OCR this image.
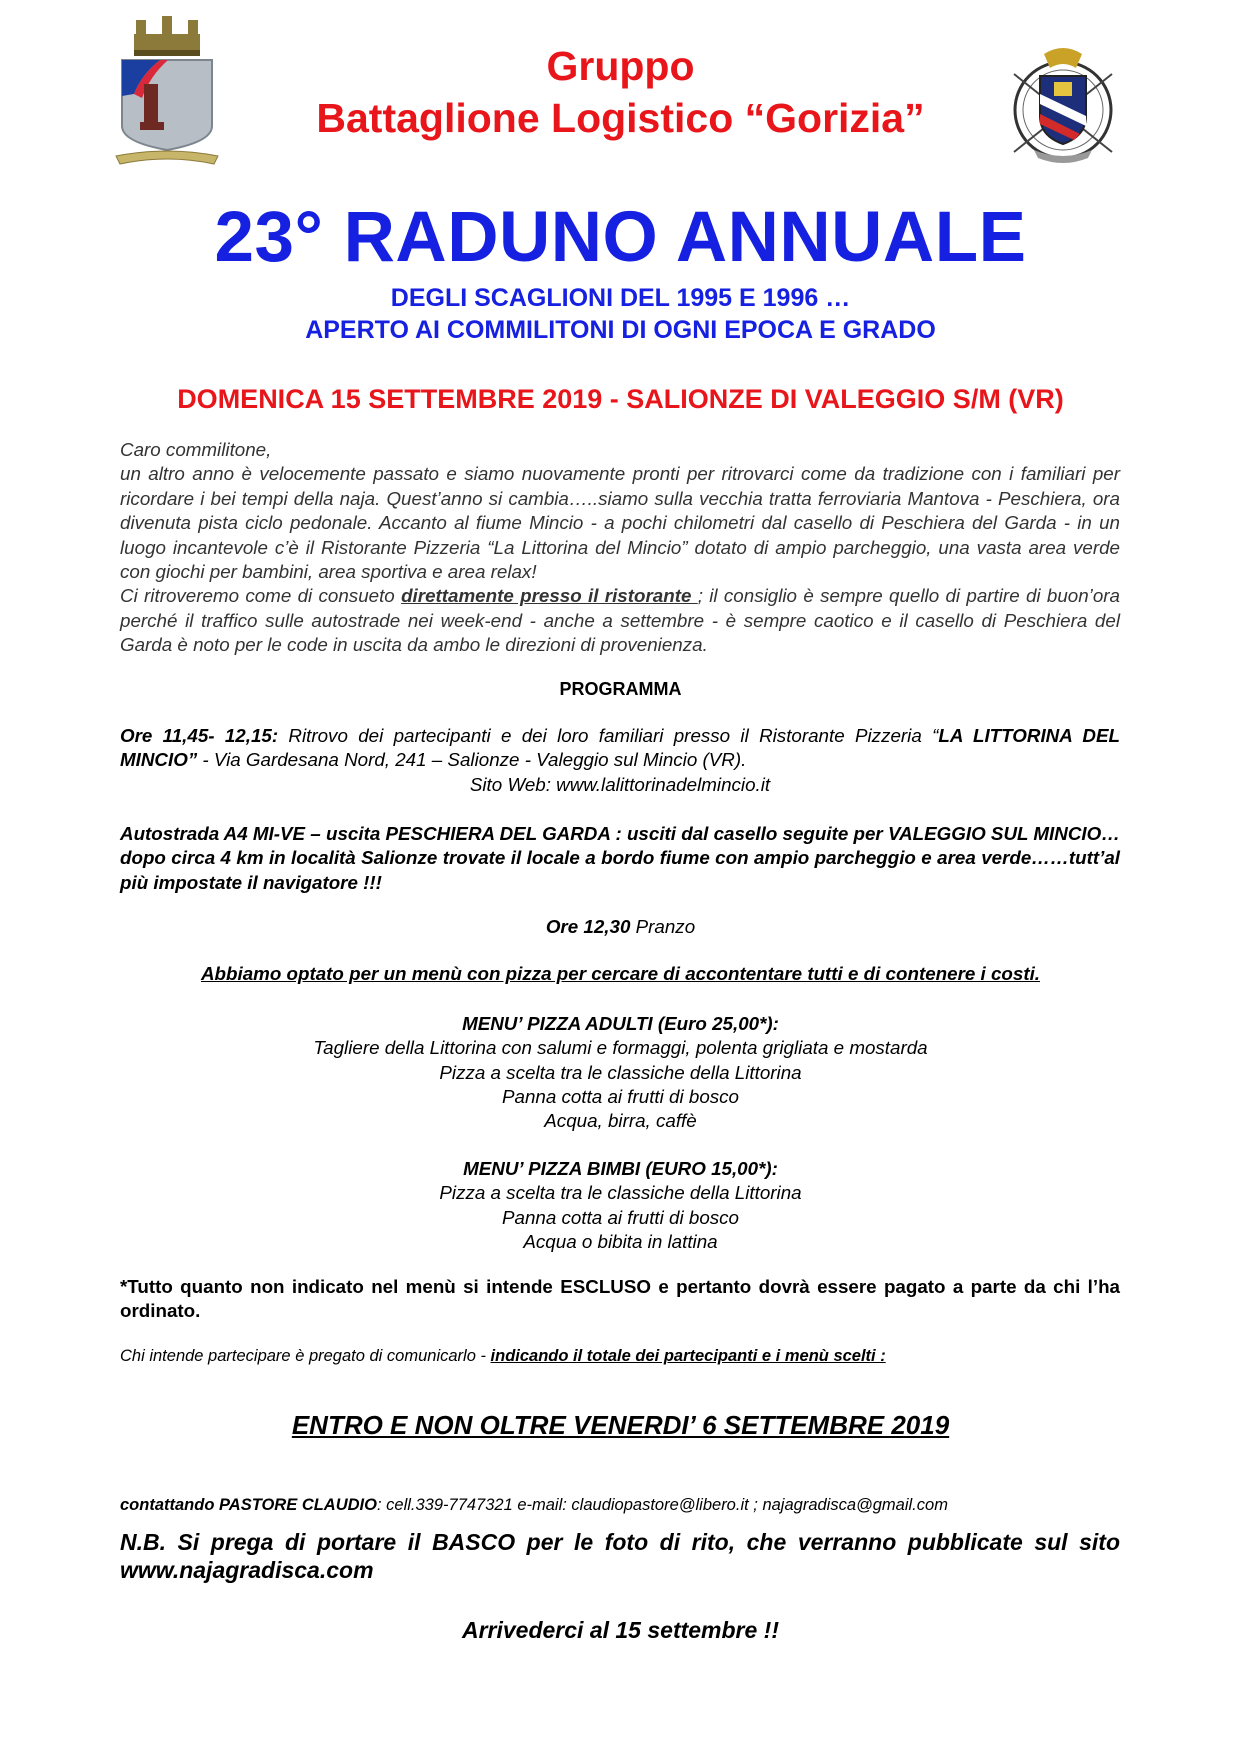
Gruppo
Battaglione Logistico “Gorizia”
23° RADUNO ANNUALE
DEGLI SCAGLIONI DEL 1995 E 1996 …
APERTO AI COMMILITONI DI OGNI EPOCA E GRADO
DOMENICA 15 SETTEMBRE 2019 - SALIONZE DI VALEGGIO S/M (VR)

Caro commilitone,

un altro anno è velocemente passato e siamo nuovamente pronti per ritrovarci come da tradizione con i familiari per ricordare i bei tempi della naja. Quest’anno si cambia…..siamo sulla vecchia tratta ferroviaria Mantova - Peschiera, ora divenuta pista ciclo pedonale. Accanto al fiume Mincio - a pochi chilometri dal casello di Peschiera del Garda - in un luogo incantevole c’è il Ristorante Pizzeria “La Littorina del Mincio” dotato di ampio parcheggio, una vasta area verde con giochi per bambini, area sportiva e area relax!

Ci ritroveremo come di consueto direttamente presso il ristorante ; il consiglio è sempre quello di partire di buon’ora perché il traffico sulle autostrade nei week-end - anche a settembre - è sempre caotico e il casello di Peschiera del Garda è noto per le code in uscita da ambo le direzioni di provenienza.

PROGRAMMA
Ore 11,45- 12,15: Ritrovo dei partecipanti e dei loro familiari presso il Ristorante Pizzeria “LA LITTORINA DEL MINCIO” - Via Gardesana Nord, 241 – Salionze - Valeggio sul Mincio (VR).
Sito Web: www.lalittorinadelmincio.it
Autostrada A4 MI-VE – uscita PESCHIERA DEL GARDA : usciti dal casello seguite per VALEGGIO SUL MINCIO… dopo circa 4 km in località Salionze trovate il locale a bordo fiume con ampio parcheggio e area verde……tutt’al più impostate il navigatore !!!
Ore 12,30 Pranzo
Abbiamo optato per un menù con pizza per cercare di accontentare tutti e di contenere i costi.
MENU’ PIZZA ADULTI (Euro 25,00*):
Tagliere della Littorina con salumi e formaggi, polenta grigliata e mostarda
Pizza a scelta tra le classiche della Littorina
Panna cotta ai frutti di bosco
Acqua, birra, caffè
MENU’ PIZZA BIMBI (EURO 15,00*):
Pizza a scelta tra le classiche della Littorina
Panna cotta ai frutti di bosco
Acqua o bibita in lattina
*Tutto quanto non indicato nel menù si intende ESCLUSO e pertanto dovrà essere pagato a parte da chi l’ha ordinato.
Chi intende partecipare è pregato di comunicarlo - indicando il totale dei partecipanti e i menù scelti :
ENTRO E NON OLTRE VENERDI’ 6 SETTEMBRE 2019
contattando PASTORE CLAUDIO: cell.339-7747321 e-mail: claudiopastore@libero.it ; najagradisca@gmail.com
N.B. Si prega di portare il BASCO per le foto di rito, che verranno pubblicate sul sito www.najagradisca.com
Arrivederci al 15 settembre !!
